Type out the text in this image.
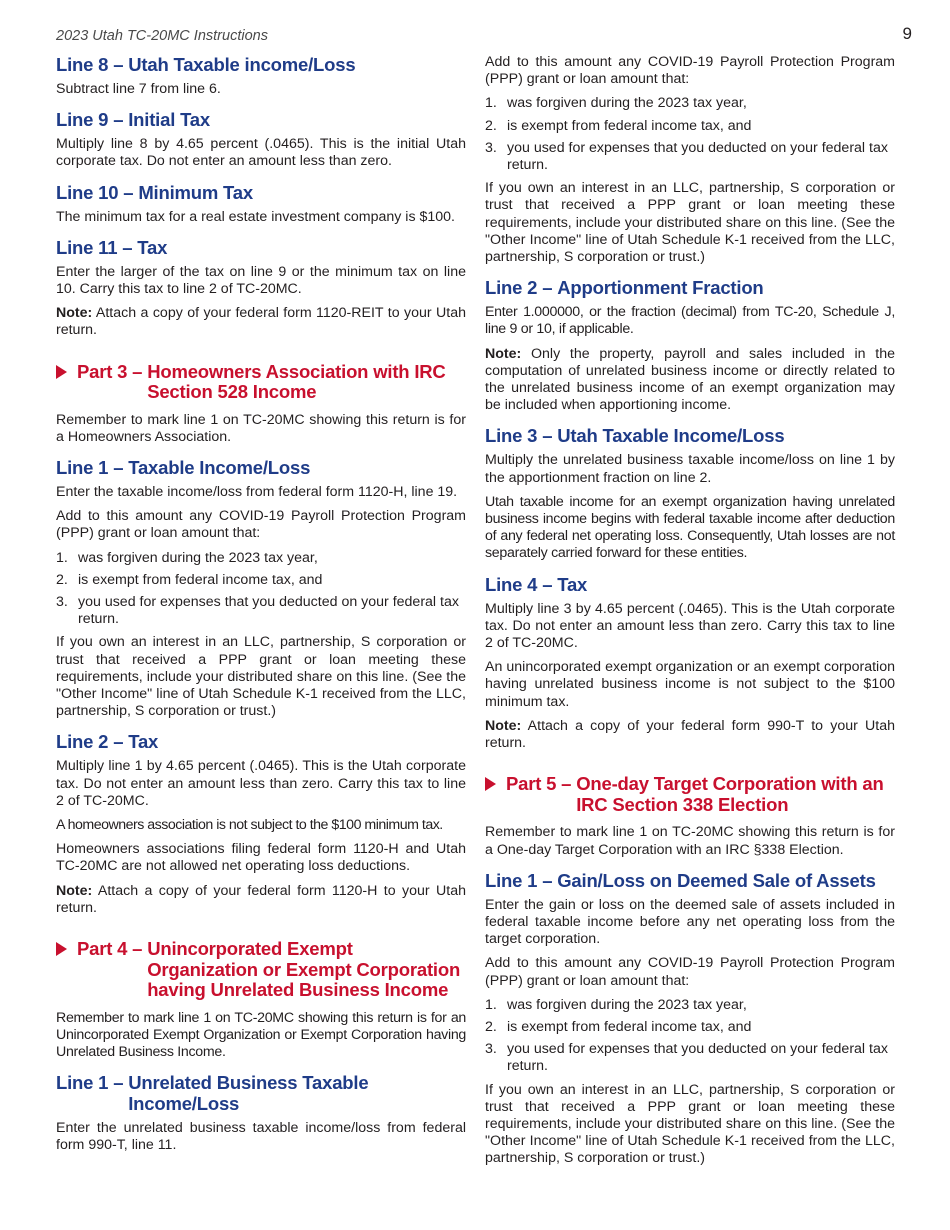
2023 Utah TC-20MC Instructions	9
Line 8 – Utah Taxable income/Loss

Subtract line 7 from line 6.

Line 9 – Initial Tax

Multiply line 8 by 4.65 percent (.0465). This is the initial Utah corporate tax. Do not enter an amount less than zero.

Line 10 – Minimum Tax

The minimum tax for a real estate investment company is $100.

Line 11 – Tax

Enter the larger of the tax on line 9 or the minimum tax on line 10. Carry this tax to line 2 of TC-20MC.

Note: Attach a copy of your federal form 1120-REIT to your Utah return.

Part 3 – Homeowners Association with IRC Section 528 Income

Remember to mark line 1 on TC-20MC showing this return is for a Homeowners Association.

Line 1 – Taxable Income/Loss

Enter the taxable income/loss from federal form 1120-H, line 19.

Add to this amount any COVID-19 Payroll Protection Program (PPP) grant or loan amount that:

1. was forgiven during the 2023 tax year,
2. is exempt from federal income tax, and
3. you used for expenses that you deducted on your federal tax return.

If you own an interest in an LLC, partnership, S corporation or trust that received a PPP grant or loan meeting these requirements, include your distributed share on this line. (See the "Other Income" line of Utah Schedule K-1 received from the LLC, partnership, S corporation or trust.)

Line 2 – Tax

Multiply line 1 by 4.65 percent (.0465). This is the Utah corporate tax. Do not enter an amount less than zero. Carry this tax to line 2 of TC-20MC.

A homeowners association is not subject to the $100 minimum tax.

Homeowners associations filing federal form 1120-H and Utah TC-20MC are not allowed net operating loss deductions.

Note: Attach a copy of your federal form 1120-H to your Utah return.

Part 4 – Unincorporated Exempt Organization or Exempt Corporation having Unrelated Business Income

Remember to mark line 1 on TC-20MC showing this return is for an Unincorporated Exempt Organization or Exempt Corporation having Unrelated Business Income.

Line 1 – Unrelated Business Taxable Income/Loss

Enter the unrelated business taxable income/loss from federal form 990-T, line 11.

Add to this amount any COVID-19 Payroll Protection Program (PPP) grant or loan amount that:

1. was forgiven during the 2023 tax year,
2. is exempt from federal income tax, and
3. you used for expenses that you deducted on your federal tax return.

If you own an interest in an LLC, partnership, S corporation or trust that received a PPP grant or loan meeting these requirements, include your distributed share on this line. (See the "Other Income" line of Utah Schedule K-1 received from the LLC, partnership, S corporation or trust.)

Line 2 – Apportionment Fraction

Enter 1.000000, or the fraction (decimal) from TC-20, Schedule J, line 9 or 10, if applicable.

Note: Only the property, payroll and sales included in the computation of unrelated business income or directly related to the unrelated business income of an exempt organization may be included when apportioning income.

Line 3 – Utah Taxable Income/Loss

Multiply the unrelated business taxable income/loss on line 1 by the apportionment fraction on line 2.

Utah taxable income for an exempt organization having unrelated business income begins with federal taxable income after deduction of any federal net operating loss. Consequently, Utah losses are not separately carried forward for these entities.

Line 4 – Tax

Multiply line 3 by 4.65 percent (.0465). This is the Utah corporate tax. Do not enter an amount less than zero. Carry this tax to line 2 of TC-20MC.

An unincorporated exempt organization or an exempt corporation having unrelated business income is not subject to the $100 minimum tax.

Note: Attach a copy of your federal form 990-T to your Utah return.

Part 5 – One-day Target Corporation with an IRC Section 338 Election

Remember to mark line 1 on TC-20MC showing this return is for a One-day Target Corporation with an IRC §338 Election.

Line 1 – Gain/Loss on Deemed Sale of Assets

Enter the gain or loss on the deemed sale of assets included in federal taxable income before any net operating loss from the target corporation.

Add to this amount any COVID-19 Payroll Protection Program (PPP) grant or loan amount that:

1. was forgiven during the 2023 tax year,
2. is exempt from federal income tax, and
3. you used for expenses that you deducted on your federal tax return.

If you own an interest in an LLC, partnership, S corporation or trust that received a PPP grant or loan meeting these requirements, include your distributed share on this line. (See the "Other Income" line of Utah Schedule K-1 received from the LLC, partnership, S corporation or trust.)
